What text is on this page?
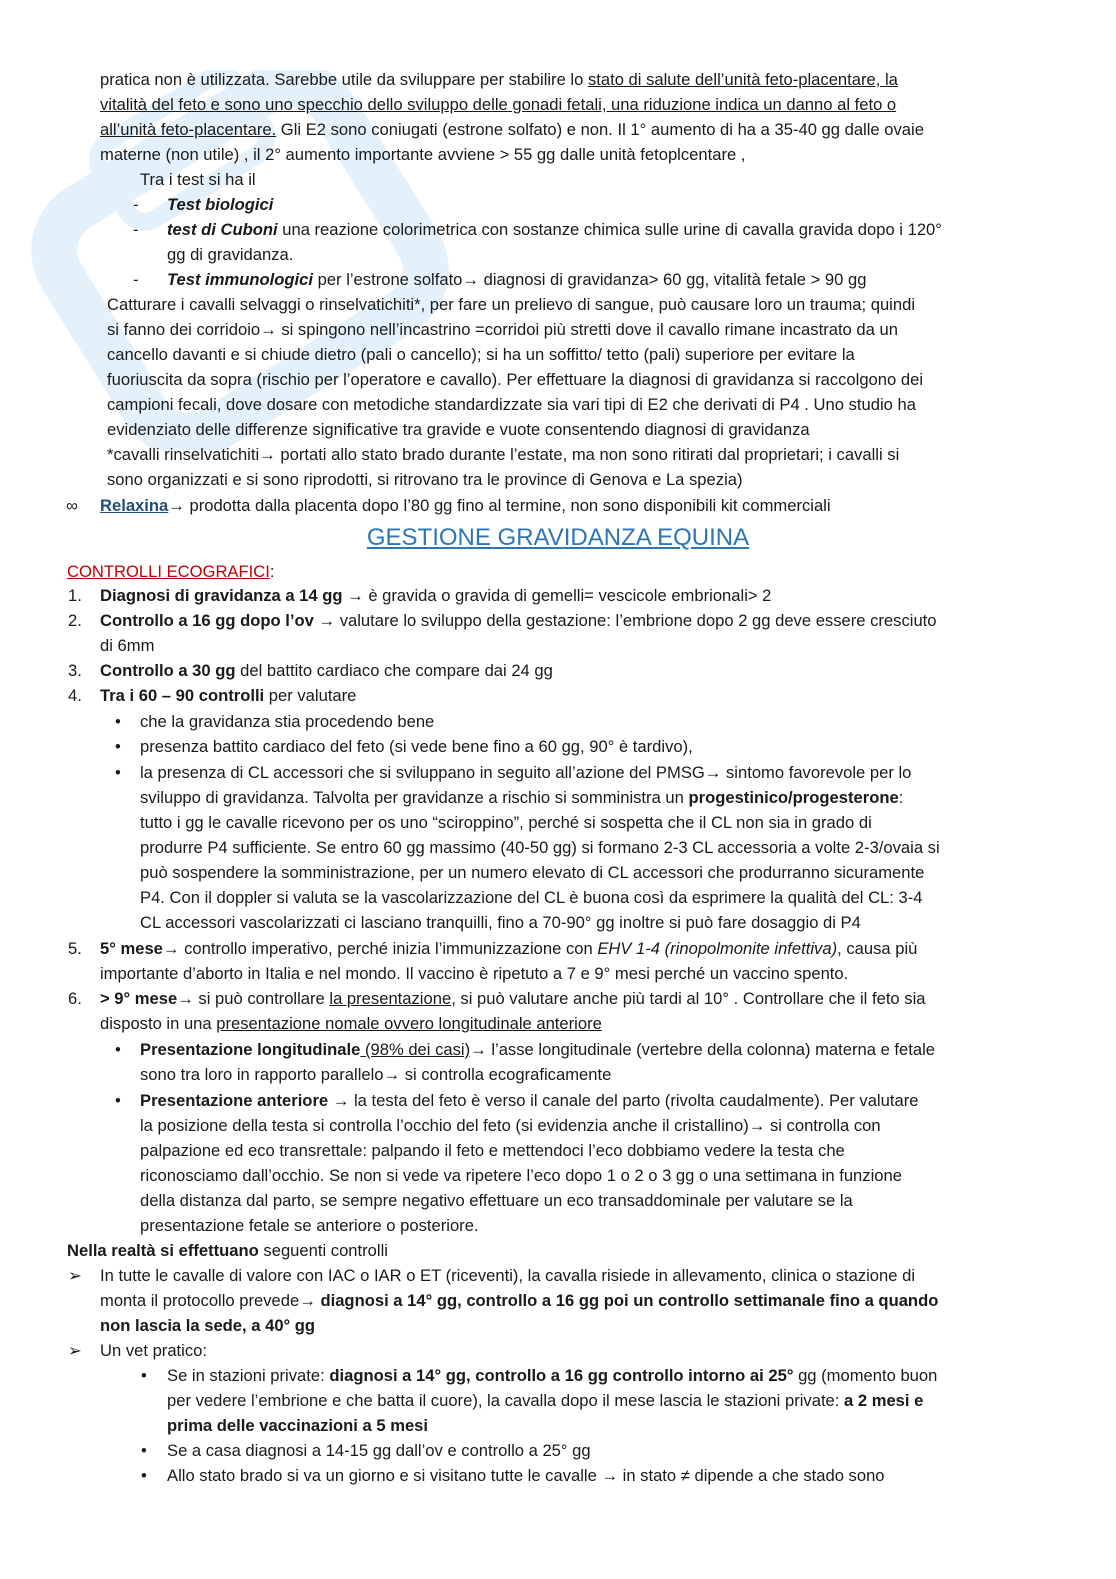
pratica non è utilizzata. Sarebbe utile da sviluppare per stabilire lo stato di salute dell’unità feto-placentare, la
vitalità del feto e sono uno specchio dello sviluppo delle gonadi fetali, una riduzione indica un danno al feto o
all’unità feto-placentare. Gli E2 sono coniugati (estrone solfato) e non. Il 1° aumento di ha a 35-40 gg dalle ovaie
materne (non utile) , il 2° aumento importante avviene > 55 gg dalle unità fetoplcentare ,
Tra i test si ha il
- Test biologici
- test di Cuboni una reazione colorimetrica con sostanze chimica sulle urine di cavalla gravida dopo i 120°
gg di gravidanza.
- Test immunologici per l’estrone solfato→ diagnosi di gravidanza> 60 gg, vitalità fetale > 90 gg
Catturare i cavalli selvaggi o rinselvatichiti*, per fare un prelievo di sangue, può causare loro un trauma; quindi
si fanno dei corridoio→ si spingono nell’incastrino =corridoi più stretti dove il cavallo rimane incastrato da un
cancello davanti e si chiude dietro (pali o cancello); si ha un soffitto/ tetto (pali) superiore per evitare la
fuoriuscita da sopra (rischio per l’operatore e cavallo). Per effettuare la diagnosi di gravidanza si raccolgono dei
campioni fecali, dove dosare con metodiche standardizzate sia vari tipi di E2 che derivati di P4 . Uno studio ha
evidenziato delle differenze significative tra gravide e vuote consentendo diagnosi di gravidanza
*cavalli rinselvatichiti→ portati allo stato brado durante l’estate, ma non sono ritirati dal proprietari; i cavalli si
sono organizzati e si sono riprodotti, si ritrovano tra le province di Genova e La spezia)
∞ Relaxina→ prodotta dalla placenta dopo l’80 gg fino al termine, non sono disponibili kit commerciali
GESTIONE GRAVIDANZA EQUINA
CONTROLLI ECOGRAFICI:
1. Diagnosi di gravidanza a 14 gg → è gravida o gravida di gemelli= vescicole embrionali> 2
2. Controllo a 16 gg dopo l’ov → valutare lo sviluppo della gestazione: l’embrione dopo 2 gg deve essere cresciuto
di 6mm
3. Controllo a 30 gg del battito cardiaco che compare dai 24 gg
4. Tra i 60 – 90 controlli per valutare
• che la gravidanza stia procedendo bene
• presenza battito cardiaco del feto (si vede bene fino a 60 gg, 90° è tardivo),
• la presenza di CL accessori che si sviluppano in seguito all’azione del PMSG→ sintomo favorevole per lo
sviluppo di gravidanza. Talvolta per gravidanze a rischio si somministra un progestinico/progesterone:
tutto i gg le cavalle ricevono per os uno “sciroppino”, perché si sospetta che il CL non sia in grado di
produrre P4 sufficiente. Se entro 60 gg massimo (40-50 gg) si formano 2-3 CL accessoria a volte 2-3/ovaia si
può sospendere la somministrazione, per un numero elevato di CL accessori che produrranno sicuramente
P4. Con il doppler si valuta se la vascolarizzazione del CL è buona così da esprimere la qualità del CL: 3-4
CL accessori vascolarizzati ci lasciano tranquilli, fino a 70-90° gg inoltre si può fare dosaggio di P4
5. 5° mese→ controllo imperativo, perché inizia l’immunizzazione con EHV 1-4 (rinopolmonite infettiva), causa più
importante d’aborto in Italia e nel mondo. Il vaccino è ripetuto a 7 e 9° mesi perché un vaccino spento.
6. > 9° mese→ si può controllare la presentazione, si può valutare anche più tardi al 10° . Controllare che il feto sia
disposto in una presentazione nomale ovvero longitudinale anteriore
• Presentazione longitudinale (98% dei casi)→ l’asse longitudinale (vertebre della colonna) materna e fetale
sono tra loro in rapporto parallelo→ si controlla ecograficamente
• Presentazione anteriore → la testa del feto è verso il canale del parto (rivolta caudalmente). Per valutare
la posizione della testa si controlla l’occhio del feto (si evidenzia anche il cristallino)→ si controlla con
palpazione ed eco transrettale: palpando il feto e mettendoci l’eco dobbiamo vedere la testa che
riconosciamo dall’occhio. Se non si vede va ripetere l’eco dopo 1 o 2 o 3 gg o una settimana in funzione
della distanza dal parto, se sempre negativo effettuare un eco transaddominale per valutare se la
presentazione fetale se anteriore o posteriore.
Nella realtà si effettuano seguenti controlli
➢ In tutte le cavalle di valore con IAC o IAR o ET (riceventi), la cavalla risiede in allevamento, clinica o stazione di
monta il protocollo prevede→ diagnosi a 14° gg, controllo a 16 gg poi un controllo settimanale fino a quando
non lascia la sede, a 40° gg
➢ Un vet pratico:
• Se in stazioni private: diagnosi a 14° gg, controllo a 16 gg controllo intorno ai 25° gg (momento buon
per vedere l’embrione e che batta il cuore), la cavalla dopo il mese lascia le stazioni private: a 2 mesi e
prima delle vaccinazioni a 5 mesi
• Se a casa diagnosi a 14-15 gg dall’ov e controllo a 25° gg
• Allo stato brado si va un giorno e si visitano tutte le cavalle → in stato ≠ dipende a che stado sono
